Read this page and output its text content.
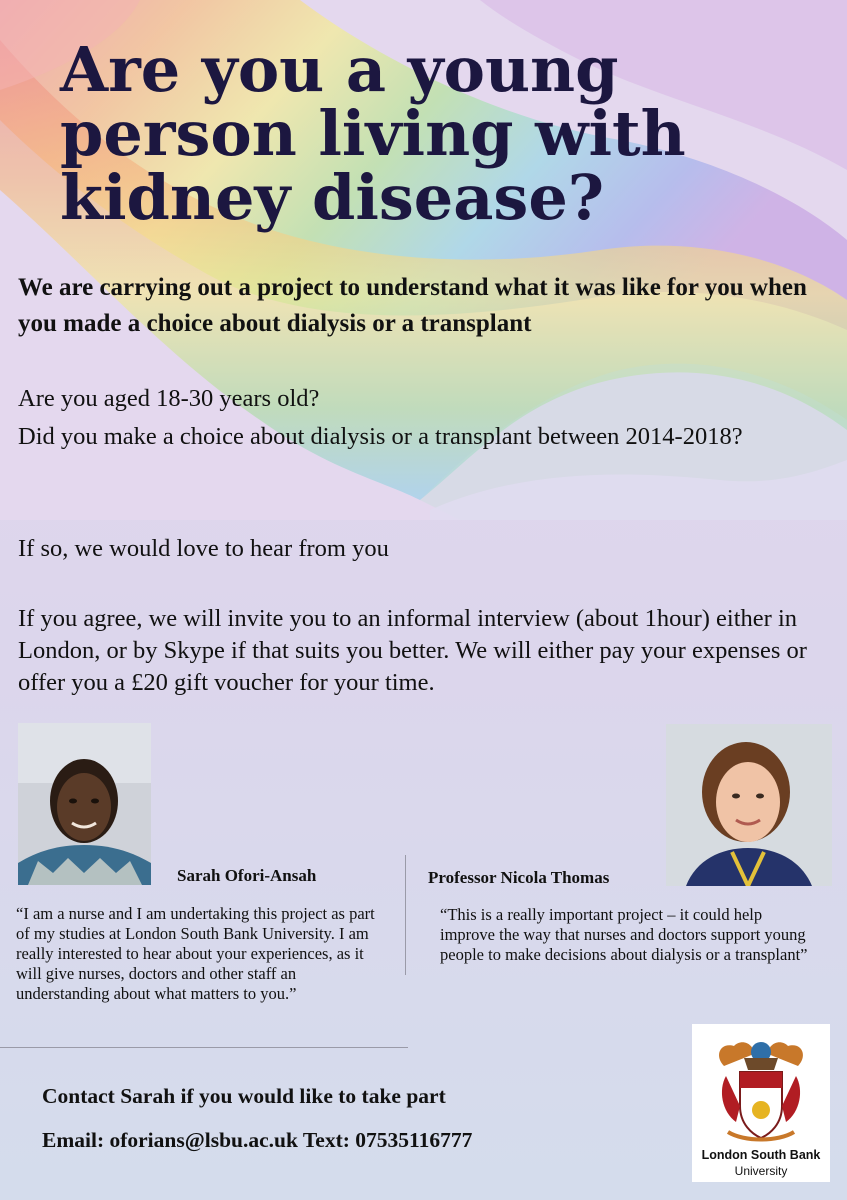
Are you a young person living with kidney disease?

We are carrying out a project to understand what it was like for you when you made a choice about dialysis or a transplant

Are you aged 18-30 years old?

Did you make a choice about dialysis or a transplant between 2014-2018?

If so, we would love to hear from you

If you agree, we will invite you to an informal interview (about 1hour) either in London, or by Skype if that suits you better. We will either pay your expenses or offer you a £20 gift voucher for your time.

Sarah Ofori-Ansah

“I am a nurse and I am undertaking this project as part of my studies at London South Bank University. I am really interested to hear about your experiences, as it will give nurses, doctors and other staff an understanding about what matters to you.”

Professor Nicola Thomas

“This is a really important project – it could help improve the way that nurses and doctors support young people to make decisions about dialysis or a transplant”

Contact Sarah if you would like to take part

Email: oforians@lsbu.ac.uk Text: 07535116777

London South Bank
University
